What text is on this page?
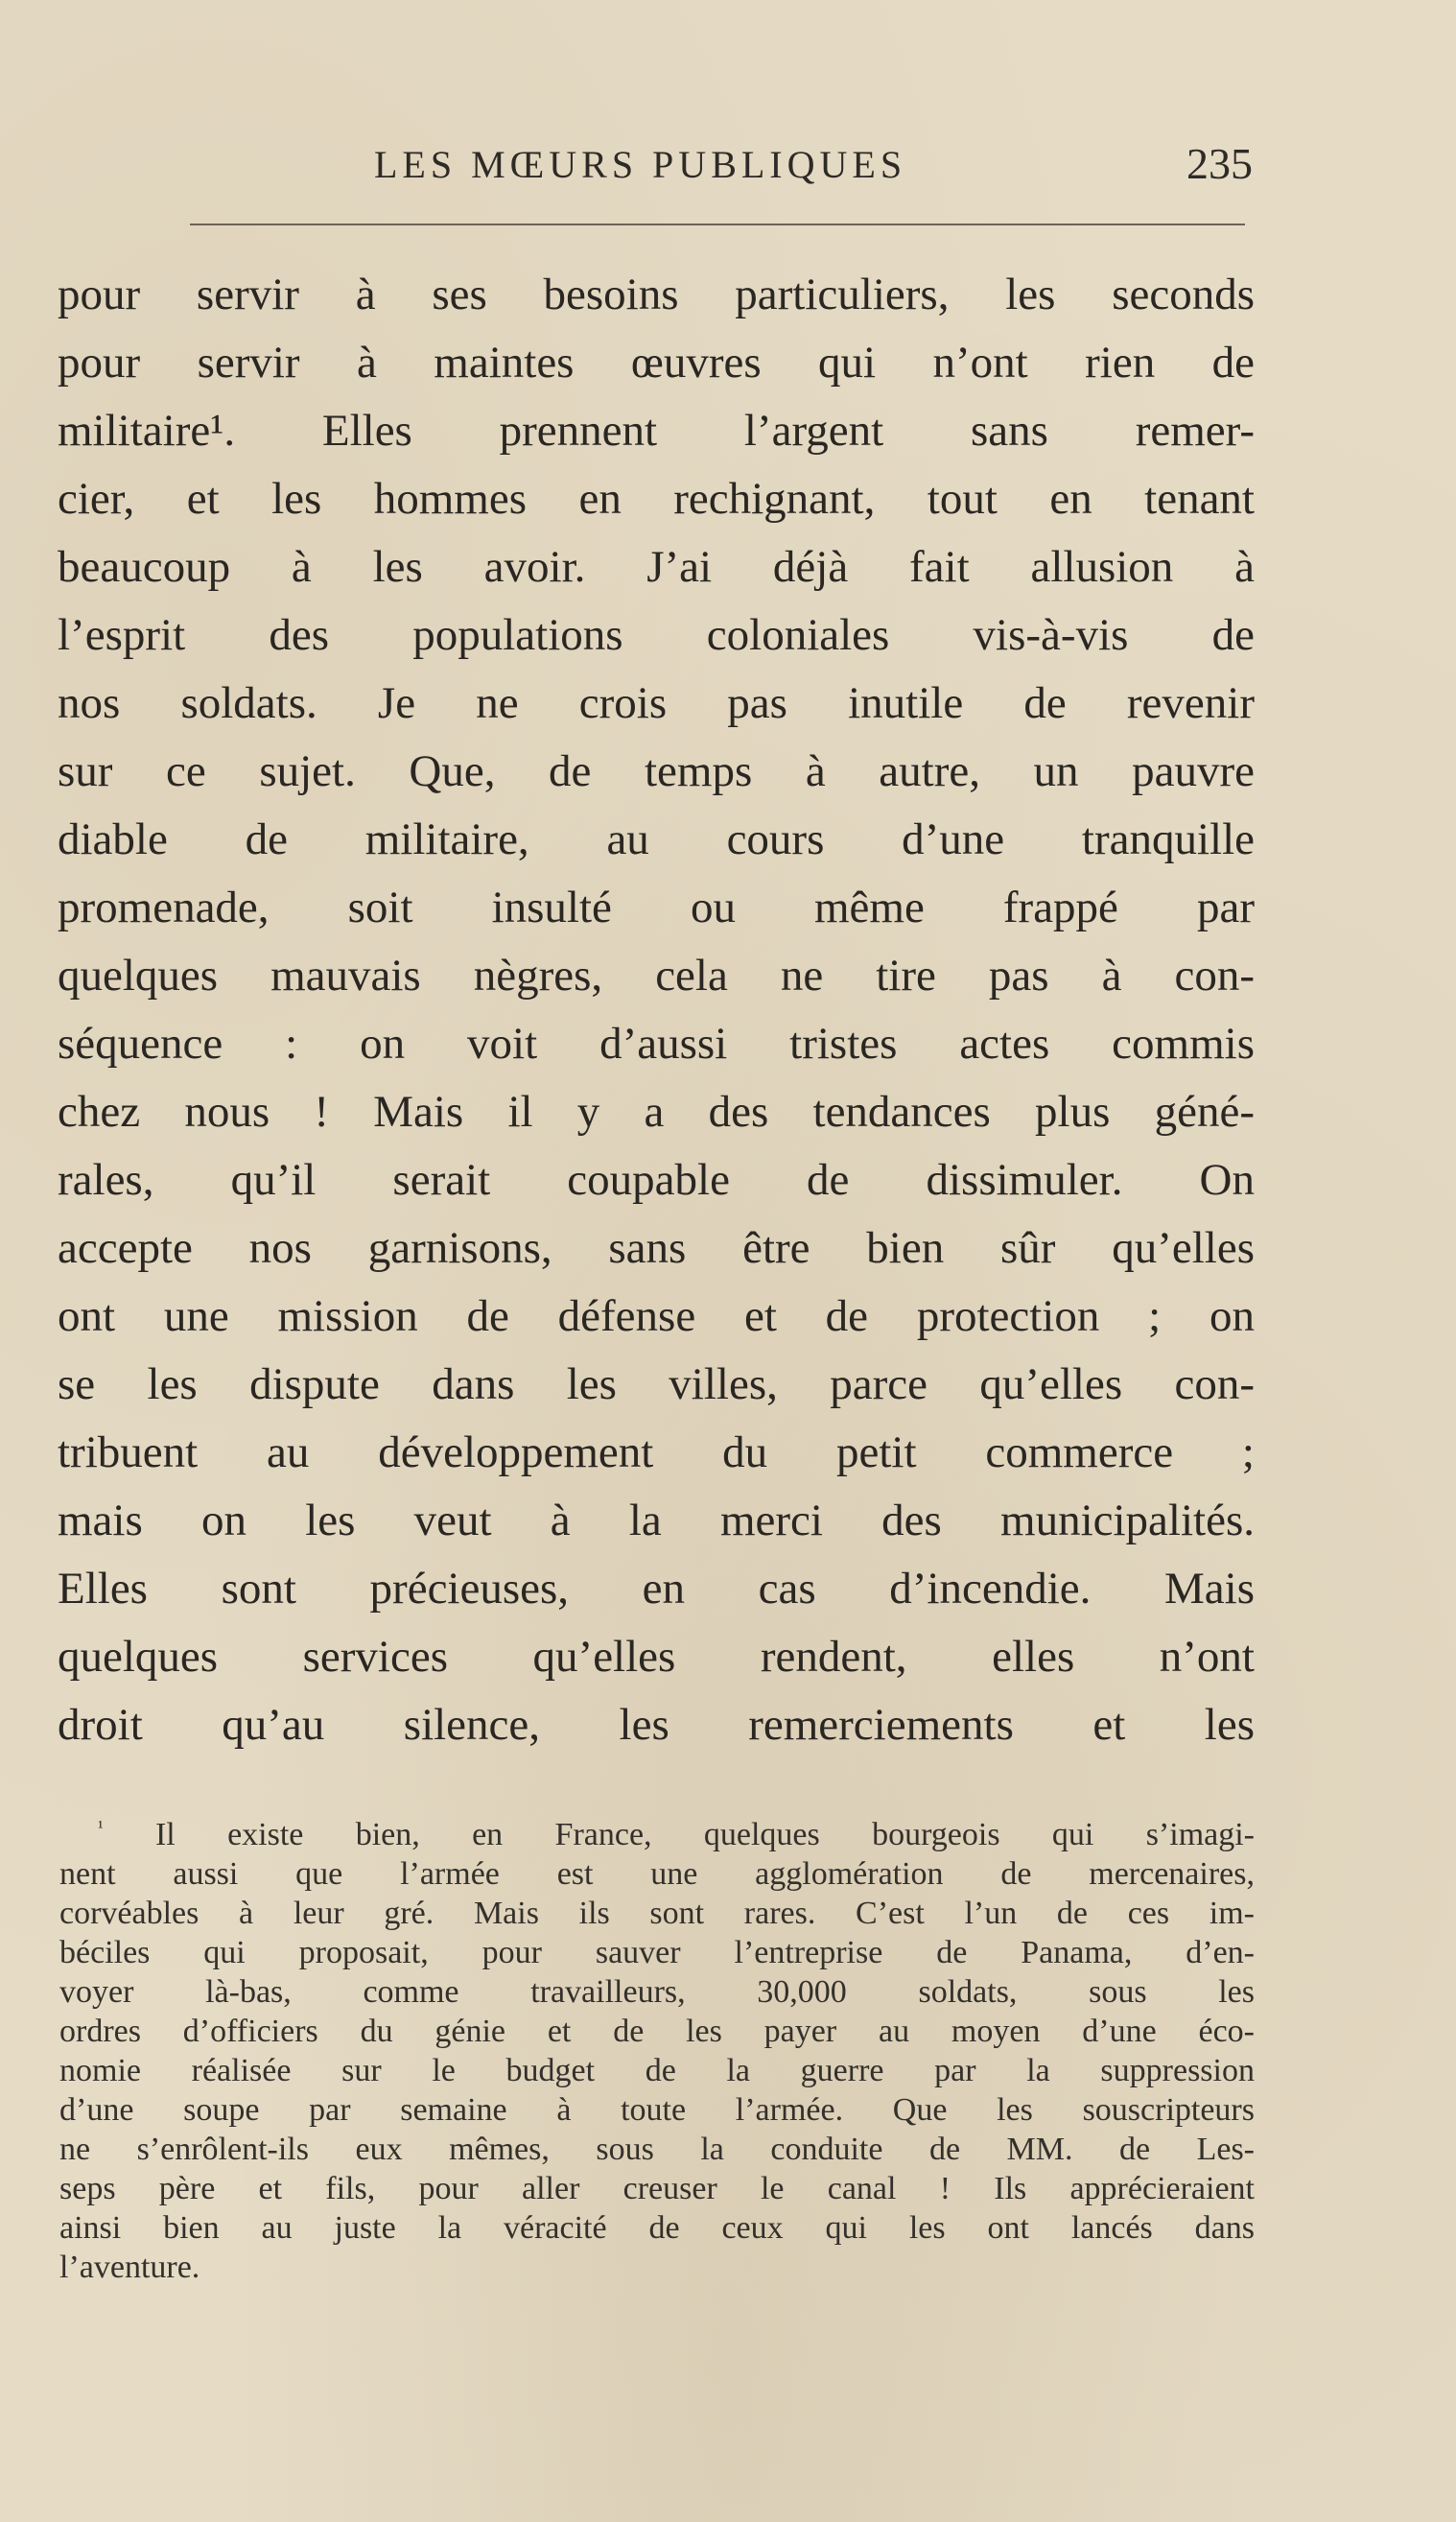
LES MŒURS PUBLIQUES	235
pour servir à ses besoins particuliers, les seconds
pour servir à maintes œuvres qui n’ont rien de
militaire¹. Elles prennent l’argent sans remer-
cier, et les hommes en rechignant, tout en tenant
beaucoup à les avoir. J’ai déjà fait allusion à
l’esprit des populations coloniales vis-à-vis de
nos soldats. Je ne crois pas inutile de revenir
sur ce sujet. Que, de temps à autre, un pauvre
diable de militaire, au cours d’une tranquille
promenade, soit insulté ou même frappé par
quelques mauvais nègres, cela ne tire pas à con-
séquence : on voit d’aussi tristes actes commis
chez nous ! Mais il y a des tendances plus géné-
rales, qu’il serait coupable de dissimuler. On
accepte nos garnisons, sans être bien sûr qu’elles
ont une mission de défense et de protection ; on
se les dispute dans les villes, parce qu’elles con-
tribuent au développement du petit commerce ;
mais on les veut à la merci des municipalités.
Elles sont précieuses, en cas d’incendie. Mais
quelques services qu’elles rendent, elles n’ont
droit qu’au silence, les remerciements et les
$^{^1}$ Il existe bien, en France, quelques bourgeois qui s’imagi-
nent aussi que l’armée est une agglomération de mercenaires,
corvéables à leur gré. Mais ils sont rares. C’est l’un de ces im-
béciles qui proposait, pour sauver l’entreprise de Panama, d’en-
voyer là-bas, comme travailleurs, 30,000 soldats, sous les
ordres d’officiers du génie et de les payer au moyen d’une éco-
nomie réalisée sur le budget de la guerre par la suppression
d’une soupe par semaine à toute l’armée. Que les souscripteurs
ne s’enrôlent-ils eux mêmes, sous la conduite de MM. de Les-
seps père et fils, pour aller creuser le canal ! Ils apprécieraient
ainsi bien au juste la véracité de ceux qui les ont lancés dans
l’aventure.
